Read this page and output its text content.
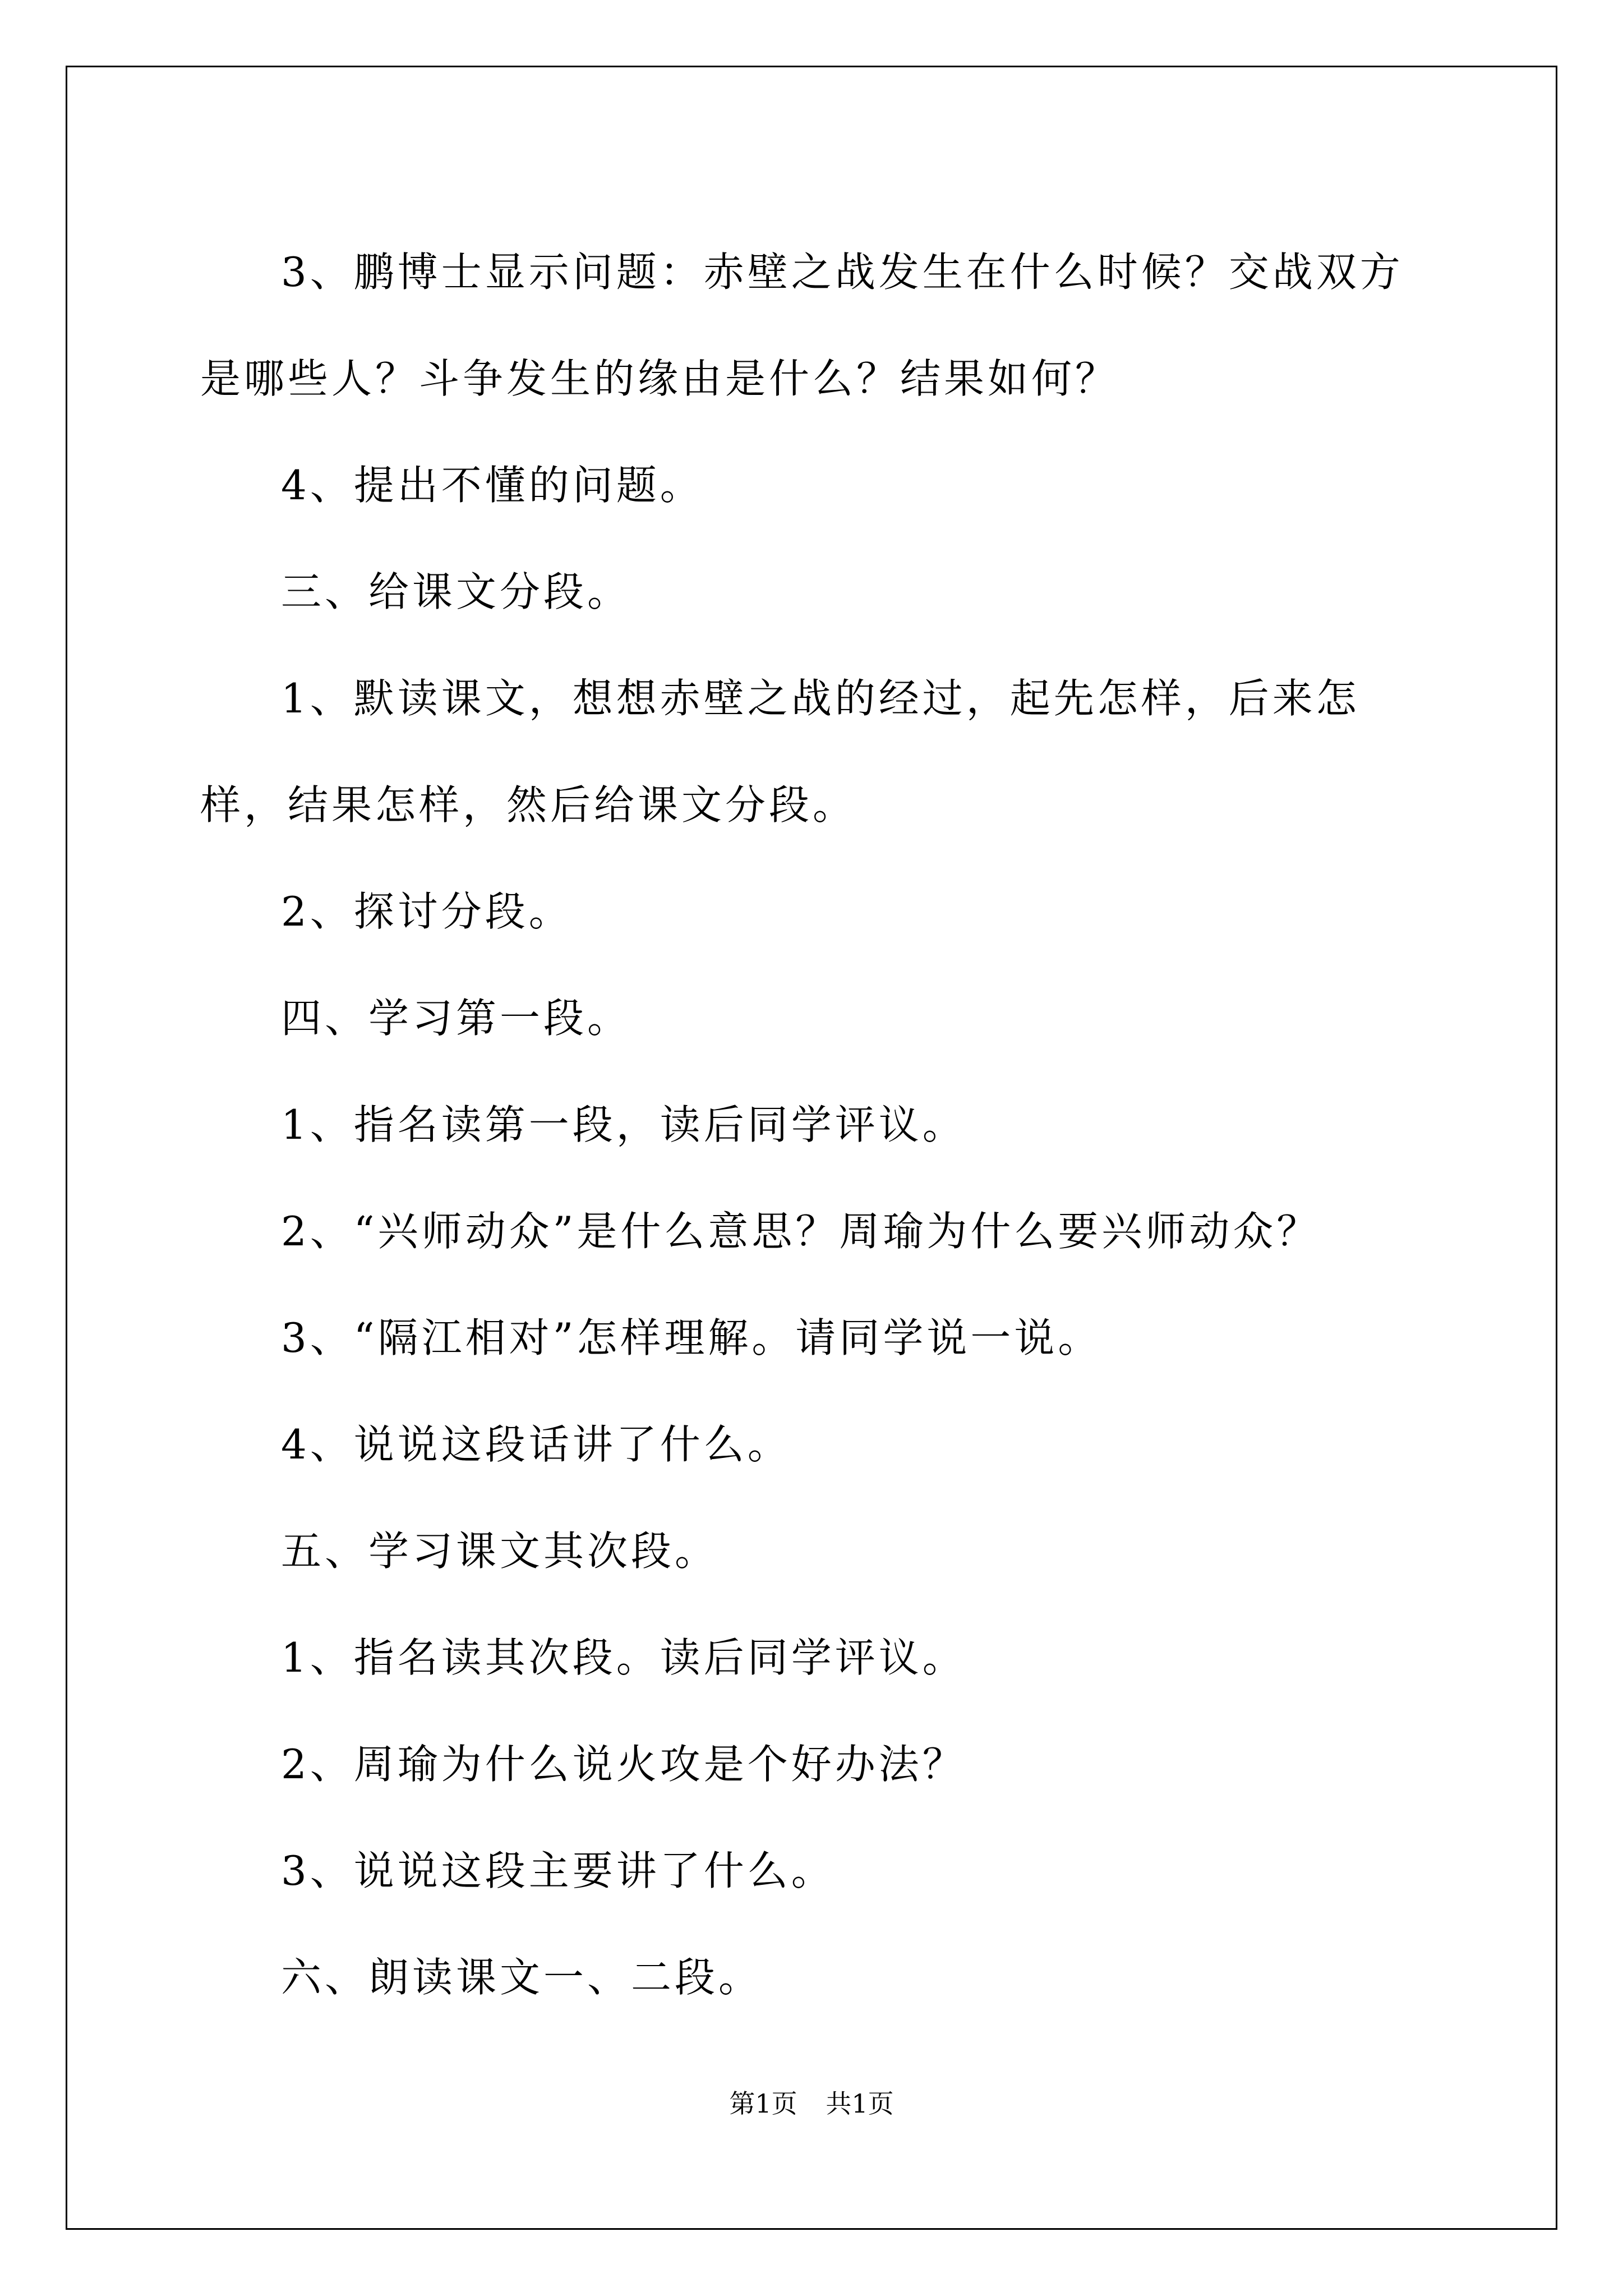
3、鹏博士显示问题：赤壁之战发生在什么时候？交战双方是哪些人？斗争发生的缘由是什么？结果如何？

4、提出不懂的问题。

三、给课文分段。

1、默读课文，想想赤壁之战的经过，起先怎样，后来怎样，结果怎样，然后给课文分段。

2、探讨分段。

四、学习第一段。

1、指名读第一段，读后同学评议。

2、“兴师动众”是什么意思？周瑜为什么要兴师动众？

3、“隔江相对”怎样理解。请同学说一说。

4、说说这段话讲了什么。

五、学习课文其次段。

1、指名读其次段。读后同学评议。

2、周瑜为什么说火攻是个好办法？

3、说说这段主要讲了什么。

六、朗读课文一、二段。

第1页 共1页
